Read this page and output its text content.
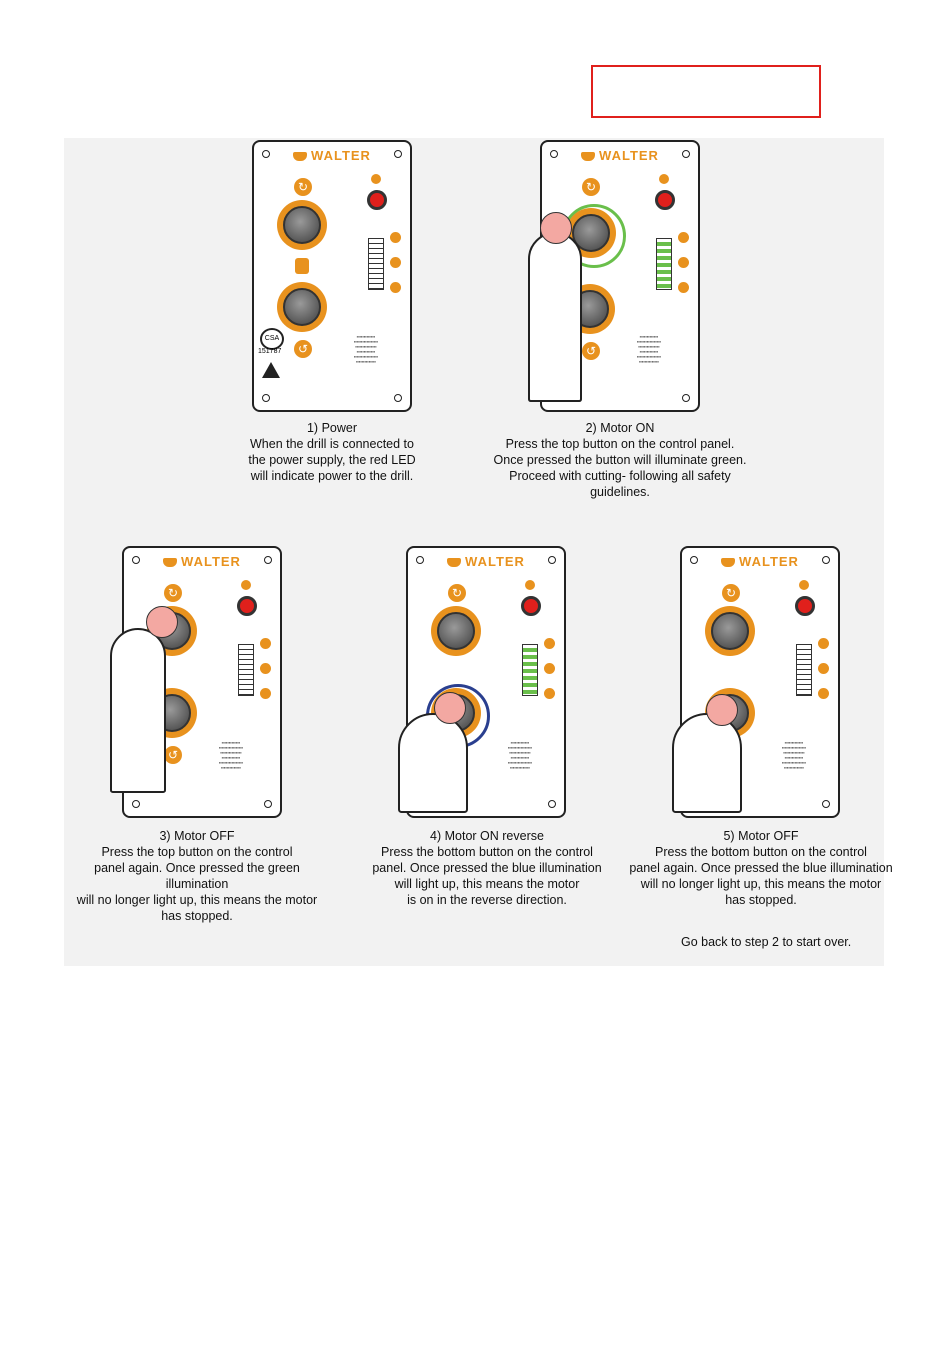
WALTER
↻
↺
▪▪▪▪▪▪▪▪▪▪▪▪▪
▪▪▪▪▪▪▪▪▪▪▪▪▪▪▪▪▪
▪▪▪▪▪▪▪▪▪▪▪▪▪▪▪
▪▪▪▪▪▪▪▪▪▪▪▪▪
▪▪▪▪▪▪▪▪▪▪▪▪▪▪▪▪▪
▪▪▪▪▪▪▪▪▪▪▪▪▪▪
CSA
151787
WALTER
↻
↺
▪▪▪▪▪▪▪▪▪▪▪▪▪
▪▪▪▪▪▪▪▪▪▪▪▪▪▪▪▪▪
▪▪▪▪▪▪▪▪▪▪▪▪▪▪▪
▪▪▪▪▪▪▪▪▪▪▪▪▪
▪▪▪▪▪▪▪▪▪▪▪▪▪▪▪▪▪
▪▪▪▪▪▪▪▪▪▪▪▪▪▪
WALTER
↻
↺
▪▪▪▪▪▪▪▪▪▪▪▪▪
▪▪▪▪▪▪▪▪▪▪▪▪▪▪▪▪▪
▪▪▪▪▪▪▪▪▪▪▪▪▪▪▪
▪▪▪▪▪▪▪▪▪▪▪▪▪
▪▪▪▪▪▪▪▪▪▪▪▪▪▪▪▪▪
▪▪▪▪▪▪▪▪▪▪▪▪▪▪
WALTER
↻
▪▪▪▪▪▪▪▪▪▪▪▪▪
▪▪▪▪▪▪▪▪▪▪▪▪▪▪▪▪▪
▪▪▪▪▪▪▪▪▪▪▪▪▪▪▪
▪▪▪▪▪▪▪▪▪▪▪▪▪
▪▪▪▪▪▪▪▪▪▪▪▪▪▪▪▪▪
▪▪▪▪▪▪▪▪▪▪▪▪▪▪
WALTER
↻
▪▪▪▪▪▪▪▪▪▪▪▪▪
▪▪▪▪▪▪▪▪▪▪▪▪▪▪▪▪▪
▪▪▪▪▪▪▪▪▪▪▪▪▪▪▪
▪▪▪▪▪▪▪▪▪▪▪▪▪
▪▪▪▪▪▪▪▪▪▪▪▪▪▪▪▪▪
▪▪▪▪▪▪▪▪▪▪▪▪▪▪
1) Power
When the drill is connected to
the power supply, the red LED
will indicate power to the drill.
2) Motor ON
Press the top button on the control panel.
Once pressed the button will illuminate green.
Proceed with cutting- following all safety
guidelines.
3) Motor OFF
Press the top button on the control
panel again. Once pressed the green illumination
will no longer light up, this means the motor
has stopped.
4) Motor ON reverse
Press the bottom button on the control
panel. Once pressed the blue illumination
will light up, this means the motor
is on in the reverse direction.
5) Motor OFF
Press the bottom button on the control
panel again. Once pressed the blue illumination
will no longer light up, this means the motor
has stopped.
Go back to step 2 to start over.
